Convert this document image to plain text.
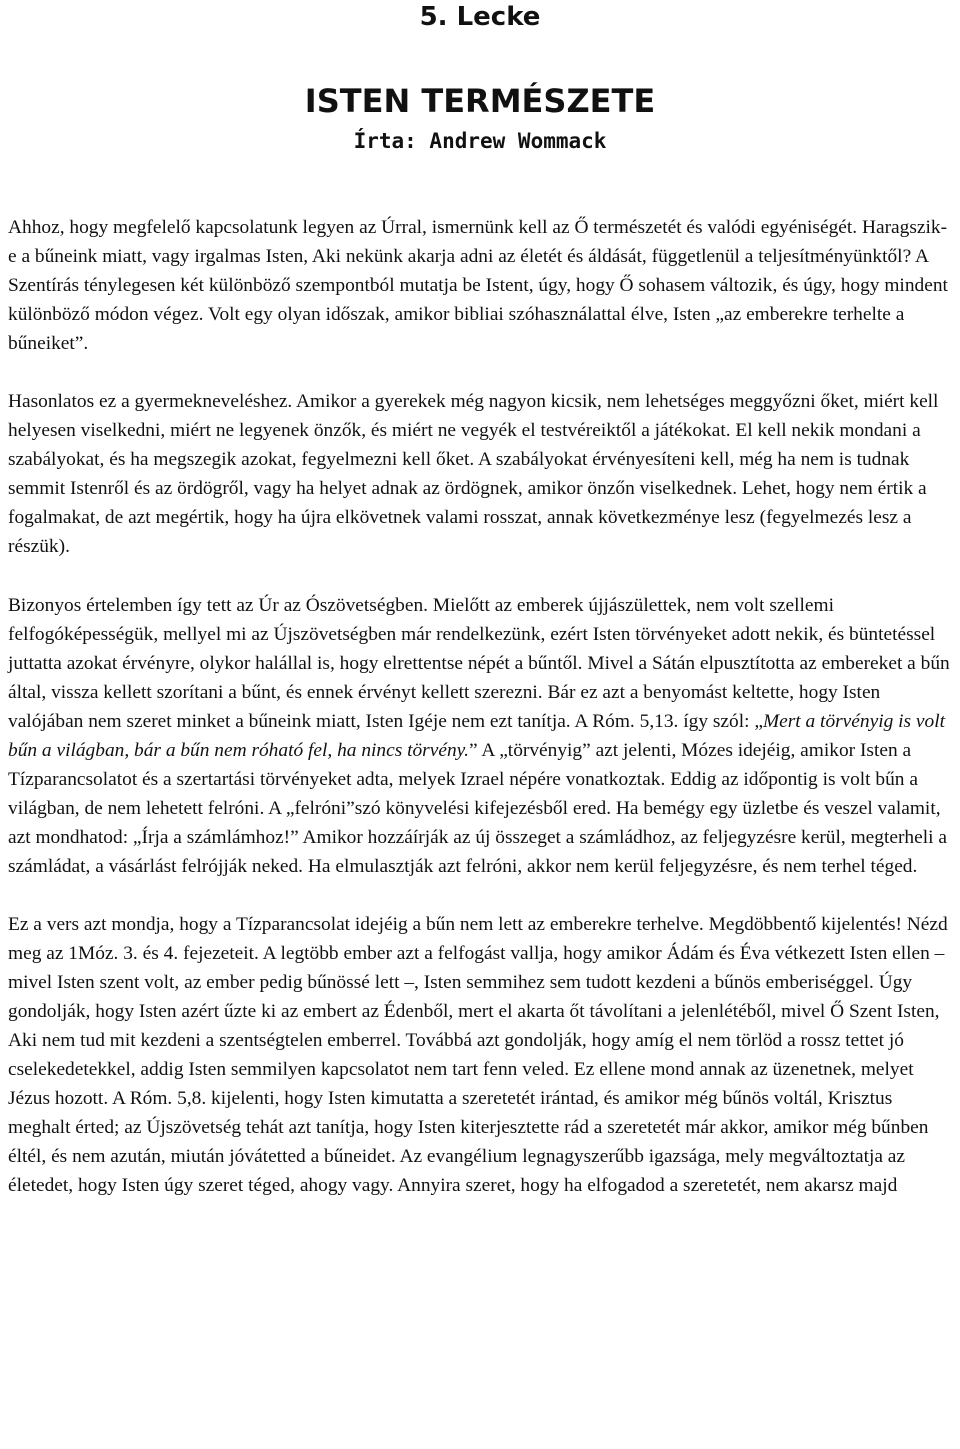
5. Lecke
ISTEN TERMÉSZETE
Írta: Andrew Wommack

Ahhoz, hogy megfelelő kapcsolatunk legyen az Úrral, ismernünk kell az Ő természetét és valódi egyéniségét. Haragszik-e a bűneink miatt, vagy irgalmas Isten, Aki nekünk akarja adni az életét és áldását, függetlenül a teljesítményünktől? A Szentírás ténylegesen két különböző szempontból mutatja be Istent, úgy, hogy Ő sohasem változik, és úgy, hogy mindent különböző módon végez. Volt egy olyan időszak, amikor bibliai szóhasználattal élve, Isten „az emberekre terhelte a bűneiket”.

Hasonlatos ez a gyermekneveléshez. Amikor a gyerekek még nagyon kicsik, nem lehetséges meggyőzni őket, miért kell helyesen viselkedni, miért ne legyenek önzők, és miért ne vegyék el testvéreiktől a játékokat. El kell nekik mondani a szabályokat, és ha megszegik azokat, fegyelmezni kell őket. A szabályokat érvényesíteni kell, még ha nem is tudnak semmit Istenről és az ördögről, vagy ha helyet adnak az ördögnek, amikor önzőn viselkednek. Lehet, hogy nem értik a fogalmakat, de azt megértik, hogy ha újra elkövetnek valami rosszat, annak következménye lesz (fegyelmezés lesz a részük).

Bizonyos értelemben így tett az Úr az Ószövetségben. Mielőtt az emberek újjászülettek, nem volt szellemi felfogóképességük, mellyel mi az Újszövetségben már rendelkezünk, ezért Isten törvényeket adott nekik, és büntetéssel juttatta azokat érvényre, olykor halállal is, hogy elrettentse népét a bűntől. Mivel a Sátán elpusztította az embereket a bűn által, vissza kellett szorítani a bűnt, és ennek érvényt kellett szerezni. Bár ez azt a benyomást keltette, hogy Isten valójában nem szeret minket a bűneink miatt, Isten Igéje nem ezt tanítja. A Róm. 5,13. így szól: „Mert a törvényig is volt bűn a világban, bár a bűn nem róható fel, ha nincs törvény.” A „törvényig” azt jelenti, Mózes idejéig, amikor Isten a Tízparancsolatot és a szertartási törvényeket adta, melyek Izrael népére vonatkoztak. Eddig az időpontig is volt bűn a világban, de nem lehetett felróni. A „felróni”szó könyvelési kifejezésből ered. Ha bemégy egy üzletbe és veszel valamit, azt mondhatod: „Írja a számlámhoz!” Amikor hozzáírják az új összeget a számládhoz, az feljegyzésre kerül, megterheli a számládat, a vásárlást felrójják neked. Ha elmulasztják azt felróni, akkor nem kerül feljegyzésre, és nem terhel téged.

Ez a vers azt mondja, hogy a Tízparancsolat idejéig a bűn nem lett az emberekre terhelve. Megdöbbentő kijelentés! Nézd meg az 1Móz. 3. és 4. fejezeteit. A legtöbb ember azt a felfogást vallja, hogy amikor Ádám és Éva vétkezett Isten ellen – mivel Isten szent volt, az ember pedig bűnössé lett –, Isten semmihez sem tudott kezdeni a bűnös emberiséggel. Úgy gondolják, hogy Isten azért űzte ki az embert az Édenből, mert el akarta őt távolítani a jelenlétéből, mivel Ő Szent Isten, Aki nem tud mit kezdeni a szentségtelen emberrel. Továbbá azt gondolják, hogy amíg el nem törlöd a rossz tettet jó cselekedetekkel, addig Isten semmilyen kapcsolatot nem tart fenn veled. Ez ellene mond annak az üzenetnek, melyet Jézus hozott. A Róm. 5,8. kijelenti, hogy Isten kimutatta a szeretetét irántad, és amikor még bűnös voltál, Krisztus meghalt érted; az Újszövetség tehát azt tanítja, hogy Isten kiterjesztette rád a szeretetét már akkor, amikor még bűnben éltél, és nem azután, miután jóvátetted a bűneidet. Az evangélium legnagyszerűbb igazsága, mely megváltoztatja az életedet, hogy Isten úgy szeret téged, ahogy vagy. Annyira szeret, hogy ha elfogadod a szeretetét, nem akarsz majd
